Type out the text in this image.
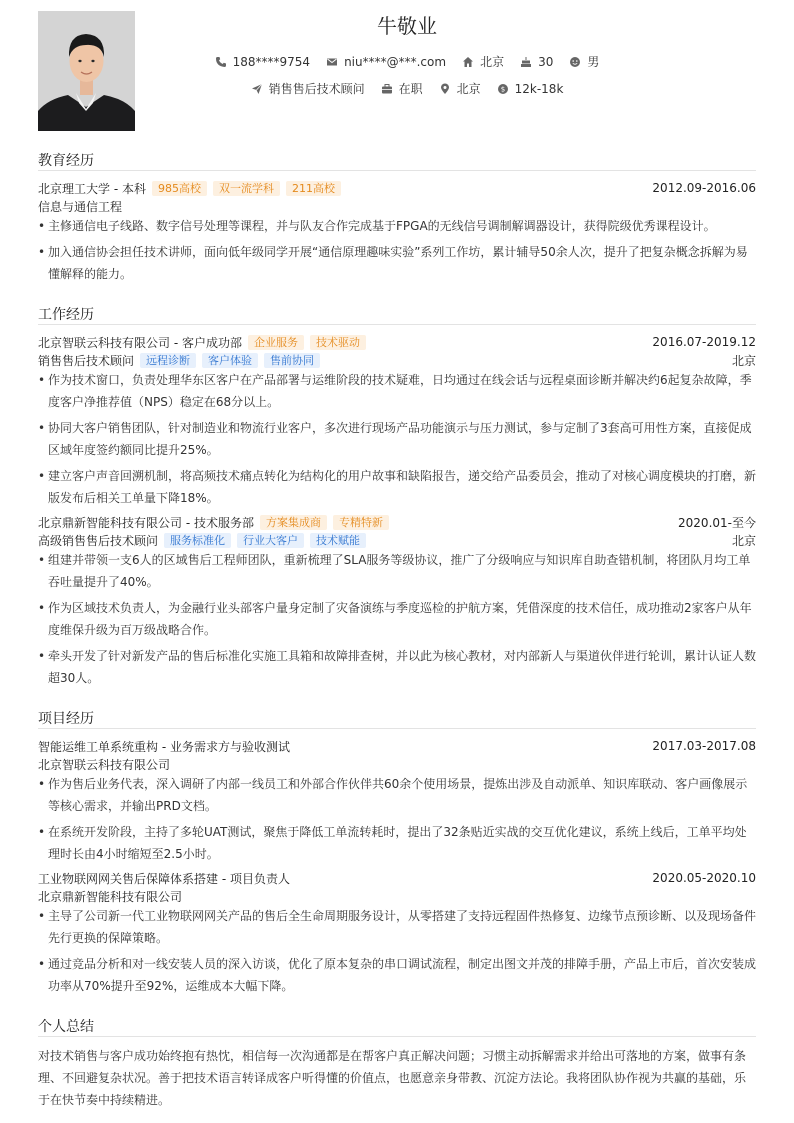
牛敬业
188****9754	niu****@***.com	北京	30	男
销售售后技术顾问	在职	北京	$ 12k-18k
教育经历
北京理工大学 - 本科	985高校	双一流学科	211高校	2012.09-2016.06
信息与通信工程
• 主修通信电子线路、数字信号处理等课程，并与队友合作完成基于FPGA的无线信号调制解调器设计，获得院级优秀课程设计。
• 加入通信协会担任技术讲师，面向低年级同学开展“通信原理趣味实验”系列工作坊，累计辅导50余人次，提升了把复杂概念拆解为易懂解释的能力。
工作经历
北京智联云科技有限公司 - 客户成功部	企业服务	技术驱动	2016.07-2019.12
销售售后技术顾问	远程诊断	客户体验	售前协同	北京
• 作为技术窗口，负责处理华东区客户在产品部署与运维阶段的技术疑难，日均通过在线会话与远程桌面诊断并解决约6起复杂故障，季度客户净推荐值（NPS）稳定在68分以上。
• 协同大客户销售团队，针对制造业和物流行业客户，多次进行现场产品功能演示与压力测试，参与定制了3套高可用性方案，直接促成区域年度签约额同比提升25%。
• 建立客户声音回溯机制，将高频技术痛点转化为结构化的用户故事和缺陷报告，递交给产品委员会，推动了对核心调度模块的打磨，新版发布后相关工单量下降18%。
北京鼎新智能科技有限公司 - 技术服务部	方案集成商	专精特新	2020.01-至今
高级销售售后技术顾问	服务标准化	行业大客户	技术赋能	北京
• 组建并带领一支6人的区域售后工程师团队，重新梳理了SLA服务等级协议，推广了分级响应与知识库自助查错机制，将团队月均工单吞吐量提升了40%。
• 作为区域技术负责人，为金融行业头部客户量身定制了灾备演练与季度巡检的护航方案，凭借深度的技术信任，成功推动2家客户从年度维保升级为百万级战略合作。
• 牵头开发了针对新发产品的售后标准化实施工具箱和故障排查树，并以此为核心教材，对内部新人与渠道伙伴进行轮训，累计认证人数超30人。
项目经历
智能运维工单系统重构 - 业务需求方与验收测试	2017.03-2017.08
北京智联云科技有限公司
• 作为售后业务代表，深入调研了内部一线员工和外部合作伙伴共60余个使用场景，提炼出涉及自动派单、知识库联动、客户画像展示等核心需求，并输出PRD文档。
• 在系统开发阶段，主持了多轮UAT测试，聚焦于降低工单流转耗时，提出了32条贴近实战的交互优化建议，系统上线后，工单平均处理时长由4小时缩短至2.5小时。
工业物联网网关售后保障体系搭建 - 项目负责人	2020.05-2020.10
北京鼎新智能科技有限公司
• 主导了公司新一代工业物联网网关产品的售后全生命周期服务设计，从零搭建了支持远程固件热修复、边缘节点预诊断、以及现场备件先行更换的保障策略。
• 通过竞品分析和对一线安装人员的深入访谈，优化了原本复杂的串口调试流程，制定出图文并茂的排障手册，产品上市后，首次安装成功率从70%提升至92%，运维成本大幅下降。
个人总结
对技术销售与客户成功始终抱有热忱，相信每一次沟通都是在帮客户真正解决问题；习惯主动拆解需求并给出可落地的方案，做事有条理、不回避复杂状况。善于把技术语言转译成客户听得懂的价值点，也愿意亲身带教、沉淀方法论。我将团队协作视为共赢的基础，乐于在快节奏中持续精进。
